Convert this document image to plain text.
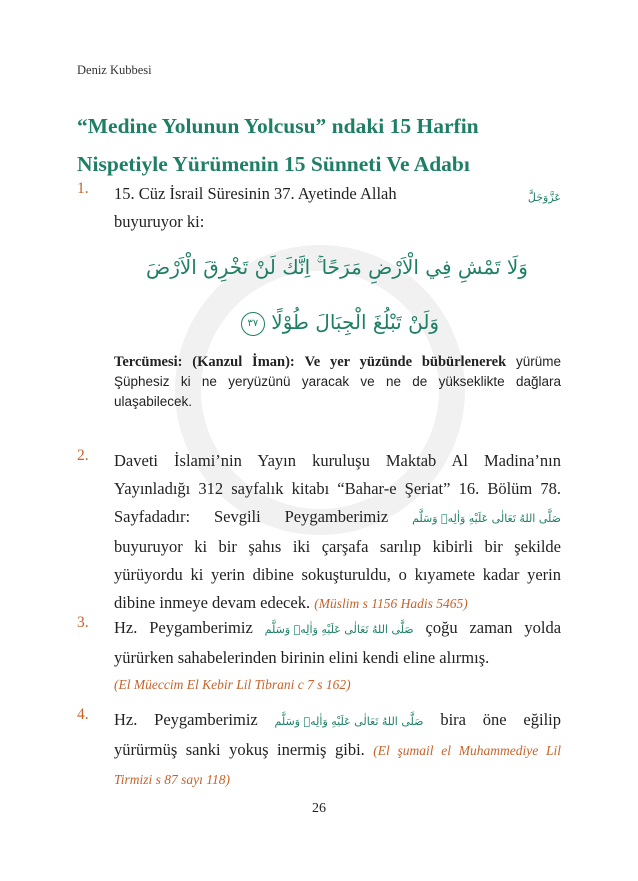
Deniz Kubbesi
“Medine Yolunun Yolcusu” ndaki 15 Harfin Nispetiyle Yürümenin 15 Sünneti Ve Adabı
1. 15. Cüz İsrail Süresinin 37. Ayetinde Allah	عَزَّوَجَلَّ

buyuruyor ki:
وَلَا تَمْشِ فِي الْاَرْضِ مَرَحًا ۚ اِنَّكَ لَنْ تَخْرِقَ الْاَرْضَ
وَلَنْ تَبْلُغَ الْجِبَالَ طُوْلًا ٣٧
Tercümesi: (Kanzul İman): Ve yer yüzünde bübürlenerek yürüme Şüphesiz ki ne yeryüzünü yaracak ve ne de yükseklikte dağlara ulaşabilecek.
2. Daveti İslami’nin Yayın kuruluşu Maktab Al Madina’nın Yayınladığı 312 sayfalık kitabı “Bahar-e Şeriat” 16. Bölüm 78. Sayfadadır: Sevgili Peygamberimiz صَلَّى اللهُ تَعَالٰى عَلَيْهِ وَاٰلِهٖ وَسَلَّم buyuruyor ki bir şahıs iki çarşafa sarılıp kibirli bir şekilde yürüyordu ki yerin dibine sokuşturuldu, o kıyamete kadar yerin dibine inmeye devam edecek. (Müslim s 1156 Hadis 5465)
3. Hz. Peygamberimiz صَلَّى اللهُ تَعَالٰى عَلَيْهِ وَاٰلِهٖ وَسَلَّم çoğu zaman yolda yürürken sahabelerinden birinin elini kendi eline alırmış.
(El Müeccim El Kebir Lil Tibrani c 7 s 162)
4. Hz. Peygamberimiz صَلَّى اللهُ تَعَالٰى عَلَيْهِ وَاٰلِهٖ وَسَلَّم bira öne eğilip yürürmüş sanki yokuş inermiş gibi. (El şumail el Muhammediye Lil Tirmizi s 87 sayı 118)
26
